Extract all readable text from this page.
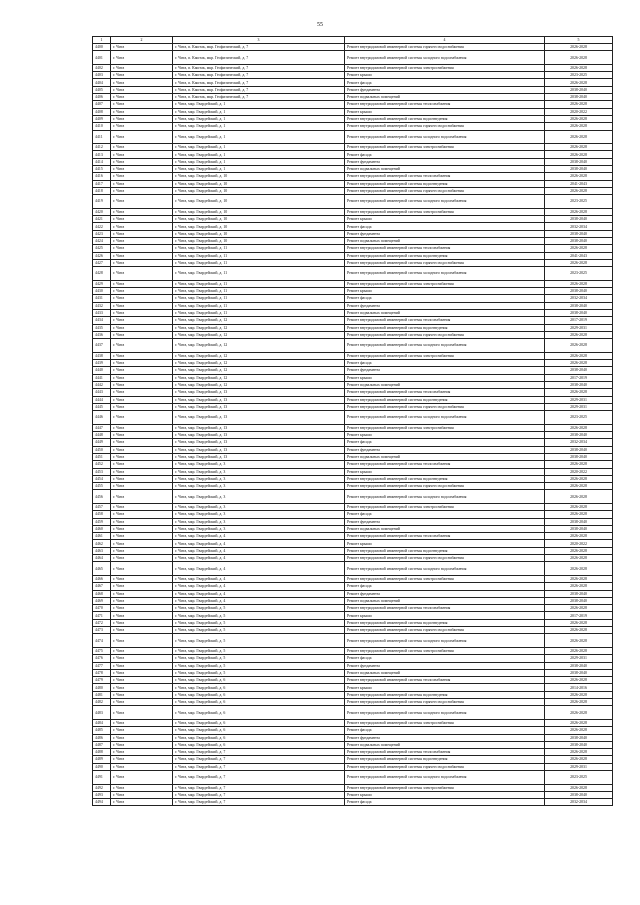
55
1	2	3	4	5
4400	г. Чита	г. Чита, п. Каштак, мкр. Геофизический, д. 7	Ремонт внутридомовой инженерной системы горячего водоснабжения	2026-2028
4401	г. Чита	г. Чита, п. Каштак, мкр. Геофизический, д. 7	Ремонт внутридомовой инженерной системы холодного водоснабжения	2026-2028
4402	г. Чита	г. Чита, п. Каштак, мкр. Геофизический, д. 7	Ремонт внутридомовой инженерной системы электроснабжения	2026-2028
4403	г. Чита	г. Чита, п. Каштак, мкр. Геофизический, д. 7	Ремонт крыши	2023-2025
4404	г. Чита	г. Чита, п. Каштак, мкр. Геофизический, д. 7	Ремонт фасада	2026-2028
4405	г. Чита	г. Чита, п. Каштак, мкр. Геофизический, д. 7	Ремонт фундамента	2038-2040
4406	г. Чита	г. Чита, п. Каштак, мкр. Геофизический, д. 7	Ремонт подвальных помещений	2038-2040
4407	г. Чита	г. Чита, мкр. Гвардейский, д. 1	Ремонт внутридомовой инженерной системы теплоснабжения	2026-2028
4408	г. Чита	г. Чита, мкр. Гвардейский, д. 1	Ремонт крыши	2020-2022
4409	г. Чита	г. Чита, мкр. Гвардейский, д. 1	Ремонт внутридомовой инженерной системы водоотведения	2026-2028
4410	г. Чита	г. Чита, мкр. Гвардейский, д. 1	Ремонт внутридомовой инженерной системы горячего водоснабжения	2026-2028
4411	г. Чита	г. Чита, мкр. Гвардейский, д. 1	Ремонт внутридомовой инженерной системы холодного водоснабжения	2026-2028
4412	г. Чита	г. Чита, мкр. Гвардейский, д. 1	Ремонт внутридомовой инженерной системы электроснабжения	2026-2028
4413	г. Чита	г. Чита, мкр. Гвардейский, д. 1	Ремонт фасада	2026-2028
4414	г. Чита	г. Чита, мкр. Гвардейский, д. 1	Ремонт фундамента	2038-2040
4415	г. Чита	г. Чита, мкр. Гвардейский, д. 1	Ремонт подвальных помещений	2038-2040
4416	г. Чита	г. Чита, мкр. Гвардейский, д. 10	Ремонт внутридомовой инженерной системы теплоснабжения	2026-2028
4417	г. Чита	г. Чита, мкр. Гвардейский, д. 10	Ремонт внутридомовой инженерной системы водоотведения	2041-2043
4418	г. Чита	г. Чита, мкр. Гвардейский, д. 10	Ремонт внутридомовой инженерной системы горячего водоснабжения	2026-2028
4419	г. Чита	г. Чита, мкр. Гвардейский, д. 10	Ремонт внутридомовой инженерной системы холодного водоснабжения	2023-2025
4420	г. Чита	г. Чита, мкр. Гвардейский, д. 10	Ремонт внутридомовой инженерной системы электроснабжения	2026-2028
4421	г. Чита	г. Чита, мкр. Гвардейский, д. 10	Ремонт крыши	2038-2040
4422	г. Чита	г. Чита, мкр. Гвардейский, д. 10	Ремонт фасада	2032-2034
4423	г. Чита	г. Чита, мкр. Гвардейский, д. 10	Ремонт фундамента	2038-2040
4424	г. Чита	г. Чита, мкр. Гвардейский, д. 10	Ремонт подвальных помещений	2038-2040
4425	г. Чита	г. Чита, мкр. Гвардейский, д. 11	Ремонт внутридомовой инженерной системы теплоснабжения	2026-2028
4426	г. Чита	г. Чита, мкр. Гвардейский, д. 11	Ремонт внутридомовой инженерной системы водоотведения	2041-2043
4427	г. Чита	г. Чита, мкр. Гвардейский, д. 11	Ремонт внутридомовой инженерной системы горячего водоснабжения	2026-2028
4428	г. Чита	г. Чита, мкр. Гвардейский, д. 11	Ремонт внутридомовой инженерной системы холодного водоснабжения	2023-2025
4429	г. Чита	г. Чита, мкр. Гвардейский, д. 11	Ремонт внутридомовой инженерной системы электроснабжения	2026-2028
4430	г. Чита	г. Чита, мкр. Гвардейский, д. 11	Ремонт крыши	2038-2040
4431	г. Чита	г. Чита, мкр. Гвардейский, д. 11	Ремонт фасада	2032-2034
4432	г. Чита	г. Чита, мкр. Гвардейский, д. 11	Ремонт фундамента	2038-2040
4433	г. Чита	г. Чита, мкр. Гвардейский, д. 11	Ремонт подвальных помещений	2038-2040
4434	г. Чита	г. Чита, мкр. Гвардейский, д. 12	Ремонт внутридомовой инженерной системы теплоснабжения	2017-2019
4435	г. Чита	г. Чита, мкр. Гвардейский, д. 12	Ремонт внутридомовой инженерной системы водоотведения	2029-2031
4436	г. Чита	г. Чита, мкр. Гвардейский, д. 12	Ремонт внутридомовой инженерной системы горячего водоснабжения	2026-2028
4437	г. Чита	г. Чита, мкр. Гвардейский, д. 12	Ремонт внутридомовой инженерной системы холодного водоснабжения	2026-2028
4438	г. Чита	г. Чита, мкр. Гвардейский, д. 12	Ремонт внутридомовой инженерной системы электроснабжения	2026-2028
4439	г. Чита	г. Чита, мкр. Гвардейский, д. 12	Ремонт фасада	2026-2028
4440	г. Чита	г. Чита, мкр. Гвардейский, д. 12	Ремонт фундамента	2038-2040
4441	г. Чита	г. Чита, мкр. Гвардейский, д. 12	Ремонт крыши	2017-2019
4442	г. Чита	г. Чита, мкр. Гвардейский, д. 12	Ремонт подвальных помещений	2038-2040
4443	г. Чита	г. Чита, мкр. Гвардейский, д. 13	Ремонт внутридомовой инженерной системы теплоснабжения	2026-2028
4444	г. Чита	г. Чита, мкр. Гвардейский, д. 13	Ремонт внутридомовой инженерной системы водоотведения	2029-2031
4445	г. Чита	г. Чита, мкр. Гвардейский, д. 13	Ремонт внутридомовой инженерной системы горячего водоснабжения	2029-2031
4446	г. Чита	г. Чита, мкр. Гвардейский, д. 13	Ремонт внутридомовой инженерной системы холодного водоснабжения	2023-2025
4447	г. Чита	г. Чита, мкр. Гвардейский, д. 13	Ремонт внутридомовой инженерной системы электроснабжения	2026-2028
4448	г. Чита	г. Чита, мкр. Гвардейский, д. 13	Ремонт крыши	2038-2040
4449	г. Чита	г. Чита, мкр. Гвардейский, д. 13	Ремонт фасада	2032-2034
4450	г. Чита	г. Чита, мкр. Гвардейский, д. 13	Ремонт фундамента	2038-2040
4451	г. Чита	г. Чита, мкр. Гвардейский, д. 13	Ремонт подвальных помещений	2038-2040
4452	г. Чита	г. Чита, мкр. Гвардейский, д. 3	Ремонт внутридомовой инженерной системы теплоснабжения	2026-2028
4453	г. Чита	г. Чита, мкр. Гвардейский, д. 3	Ремонт крыши	2020-2022
4454	г. Чита	г. Чита, мкр. Гвардейский, д. 3	Ремонт внутридомовой инженерной системы водоотведения	2026-2028
4455	г. Чита	г. Чита, мкр. Гвардейский, д. 3	Ремонт внутридомовой инженерной системы горячего водоснабжения	2026-2028
4456	г. Чита	г. Чита, мкр. Гвардейский, д. 3	Ремонт внутридомовой инженерной системы холодного водоснабжения	2026-2028
4457	г. Чита	г. Чита, мкр. Гвардейский, д. 3	Ремонт внутридомовой инженерной системы электроснабжения	2026-2028
4458	г. Чита	г. Чита, мкр. Гвардейский, д. 3	Ремонт фасада	2026-2028
4459	г. Чита	г. Чита, мкр. Гвардейский, д. 3	Ремонт фундамента	2038-2040
4460	г. Чита	г. Чита, мкр. Гвардейский, д. 3	Ремонт подвальных помещений	2038-2040
4461	г. Чита	г. Чита, мкр. Гвардейский, д. 4	Ремонт внутридомовой инженерной системы теплоснабжения	2026-2028
4462	г. Чита	г. Чита, мкр. Гвардейский, д. 4	Ремонт крыши	2020-2022
4463	г. Чита	г. Чита, мкр. Гвардейский, д. 4	Ремонт внутридомовой инженерной системы водоотведения	2026-2028
4464	г. Чита	г. Чита, мкр. Гвардейский, д. 4	Ремонт внутридомовой инженерной системы горячего водоснабжения	2026-2028
4465	г. Чита	г. Чита, мкр. Гвардейский, д. 4	Ремонт внутридомовой инженерной системы холодного водоснабжения	2026-2028
4466	г. Чита	г. Чита, мкр. Гвардейский, д. 4	Ремонт внутридомовой инженерной системы электроснабжения	2026-2028
4467	г. Чита	г. Чита, мкр. Гвардейский, д. 4	Ремонт фасада	2026-2028
4468	г. Чита	г. Чита, мкр. Гвардейский, д. 4	Ремонт фундамента	2038-2040
4469	г. Чита	г. Чита, мкр. Гвардейский, д. 4	Ремонт подвальных помещений	2038-2040
4470	г. Чита	г. Чита, мкр. Гвардейский, д. 5	Ремонт внутридомовой инженерной системы теплоснабжения	2026-2028
4471	г. Чита	г. Чита, мкр. Гвардейский, д. 5	Ремонт крыши	2017-2019
4472	г. Чита	г. Чита, мкр. Гвардейский, д. 5	Ремонт внутридомовой инженерной системы водоотведения	2026-2028
4473	г. Чита	г. Чита, мкр. Гвардейский, д. 5	Ремонт внутридомовой инженерной системы горячего водоснабжения	2026-2028
4474	г. Чита	г. Чита, мкр. Гвардейский, д. 5	Ремонт внутридомовой инженерной системы холодного водоснабжения	2026-2028
4475	г. Чита	г. Чита, мкр. Гвардейский, д. 5	Ремонт внутридомовой инженерной системы электроснабжения	2026-2028
4476	г. Чита	г. Чита, мкр. Гвардейский, д. 5	Ремонт фасада	2029-2031
4477	г. Чита	г. Чита, мкр. Гвардейский, д. 5	Ремонт фундамента	2038-2040
4478	г. Чита	г. Чита, мкр. Гвардейский, д. 5	Ремонт подвальных помещений	2038-2040
4479	г. Чита	г. Чита, мкр. Гвардейский, д. 6	Ремонт внутридомовой инженерной системы теплоснабжения	2026-2028
4480	г. Чита	г. Чита, мкр. Гвардейский, д. 6	Ремонт крыши	2014-2016
4481	г. Чита	г. Чита, мкр. Гвардейский, д. 6	Ремонт внутридомовой инженерной системы водоотведения	2026-2028
4482	г. Чита	г. Чита, мкр. Гвардейский, д. 6	Ремонт внутридомовой инженерной системы горячего водоснабжения	2026-2028
4483	г. Чита	г. Чита, мкр. Гвардейский, д. 6	Ремонт внутридомовой инженерной системы холодного водоснабжения	2026-2028
4484	г. Чита	г. Чита, мкр. Гвардейский, д. 6	Ремонт внутридомовой инженерной системы электроснабжения	2026-2028
4485	г. Чита	г. Чита, мкр. Гвардейский, д. 6	Ремонт фасада	2026-2028
4486	г. Чита	г. Чита, мкр. Гвардейский, д. 6	Ремонт фундамента	2038-2040
4487	г. Чита	г. Чита, мкр. Гвардейский, д. 6	Ремонт подвальных помещений	2038-2040
4488	г. Чита	г. Чита, мкр. Гвардейский, д. 7	Ремонт внутридомовой инженерной системы теплоснабжения	2026-2028
4489	г. Чита	г. Чита, мкр. Гвардейский, д. 7	Ремонт внутридомовой инженерной системы водоотведения	2026-2028
4490	г. Чита	г. Чита, мкр. Гвардейский, д. 7	Ремонт внутридомовой инженерной системы горячего водоснабжения	2029-2031
4491	г. Чита	г. Чита, мкр. Гвардейский, д. 7	Ремонт внутридомовой инженерной системы холодного водоснабжения	2023-2025
4492	г. Чита	г. Чита, мкр. Гвардейский, д. 7	Ремонт внутридомовой инженерной системы электроснабжения	2026-2028
4493	г. Чита	г. Чита, мкр. Гвардейский, д. 7	Ремонт крыши	2038-2040
4494	г. Чита	г. Чита, мкр. Гвардейский, д. 7	Ремонт фасада	2032-2034
